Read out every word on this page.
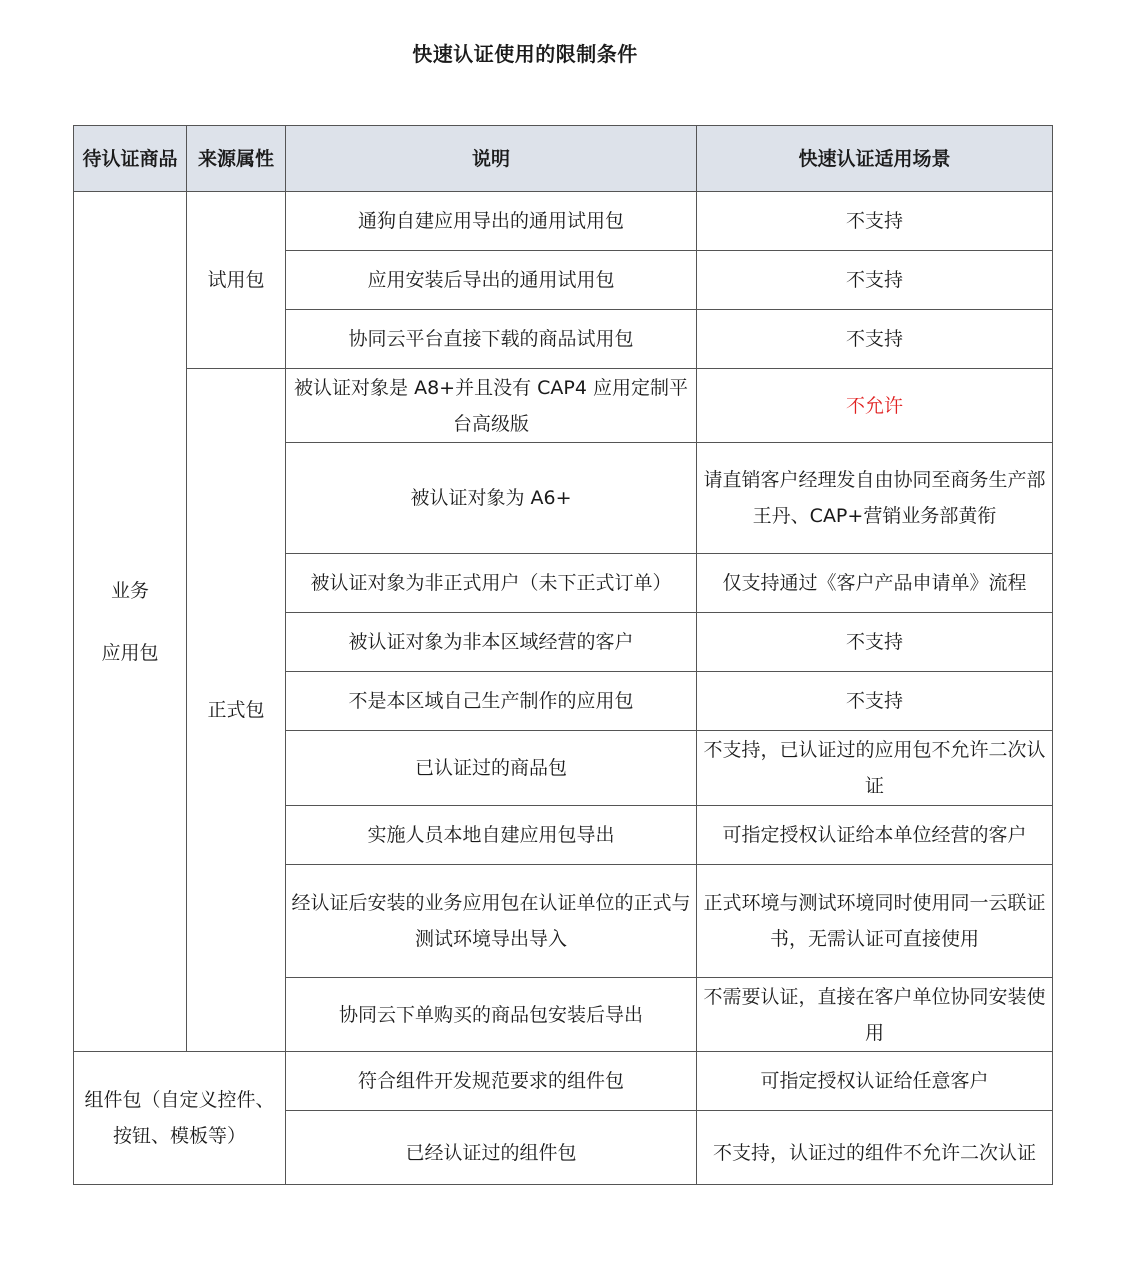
快速认证使用的限制条件
待认证商品	来源属性	说明	快速认证适用场景

业务
应用包	试用包	通狗自建应用导出的通用试用包	不支持
		应用安装后导出的通用试用包	不支持
		协同云平台直接下载的商品试用包	不支持
	正式包	被认证对象是 A8+并且没有 CAP4 应用定制平台高级版	不允许
		被认证对象为 A6+	请直销客户经理发自由协同至商务生产部王丹、CAP+营销业务部黄衔
		被认证对象为非正式用户（未下正式订单）	仅支持通过《客户产品申请单》流程
		被认证对象为非本区域经营的客户	不支持
		不是本区域自己生产制作的应用包	不支持
		已认证过的商品包	不支持，已认证过的应用包不允许二次认证
		实施人员本地自建应用包导出	可指定授权认证给本单位经营的客户
		经认证后安装的业务应用包在认证单位的正式与测试环境导出导入	正式环境与测试环境同时使用同一云联证书，无需认证可直接使用
		协同云下单购买的商品包安装后导出	不需要认证，直接在客户单位协同安装使用
组件包（自定义控件、
按钮、模板等）		符合组件开发规范要求的组件包	可指定授权认证给任意客户
		已经认证过的组件包	不支持，认证过的组件不允许二次认证
